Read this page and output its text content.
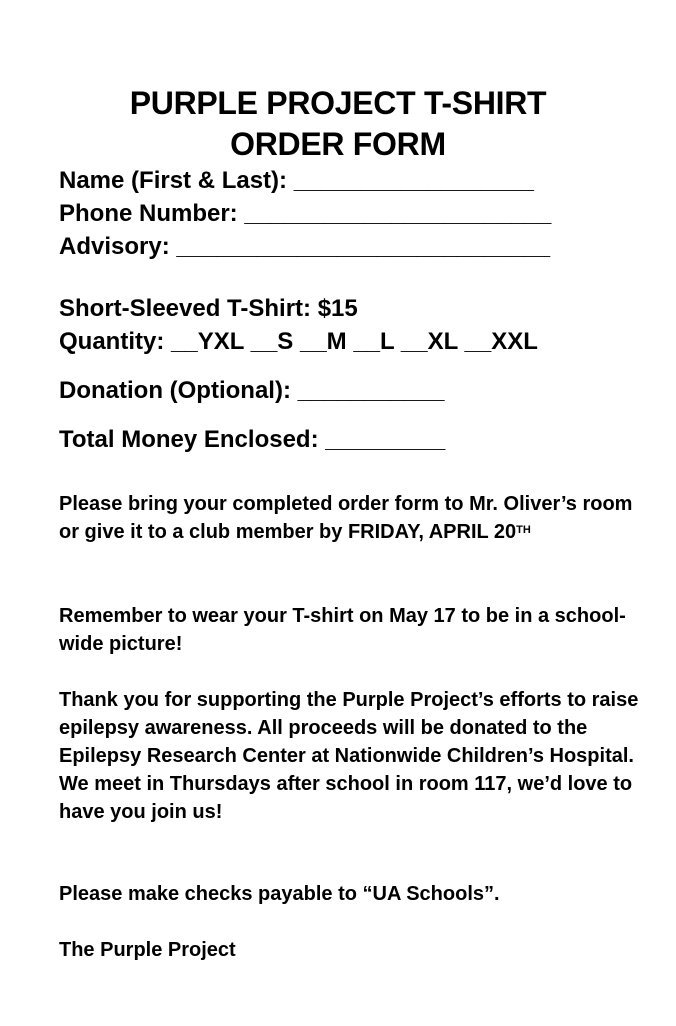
PURPLE PROJECT T-SHIRT
ORDER FORM
Name (First & Last): __________________
Phone Number: _______________________
Advisory: ____________________________
Short-Sleeved T-Shirt: $15
Quantity: __YXL __S __M __L __XL __XXL
Donation (Optional): ___________
Total Money Enclosed: _________
Please bring your completed order form to Mr. Oliver’s room or give it to a club member by FRIDAY, APRIL 20TH
Remember to wear your T-shirt on May 17 to be in a school-wide picture!
Thank you for supporting the Purple Project’s efforts to raise epilepsy awareness. All proceeds will be donated to the Epilepsy Research Center at Nationwide Children’s Hospital. We meet in Thursdays after school in room 117, we’d love to have you join us!
Please make checks payable to “UA Schools”.
The Purple Project
